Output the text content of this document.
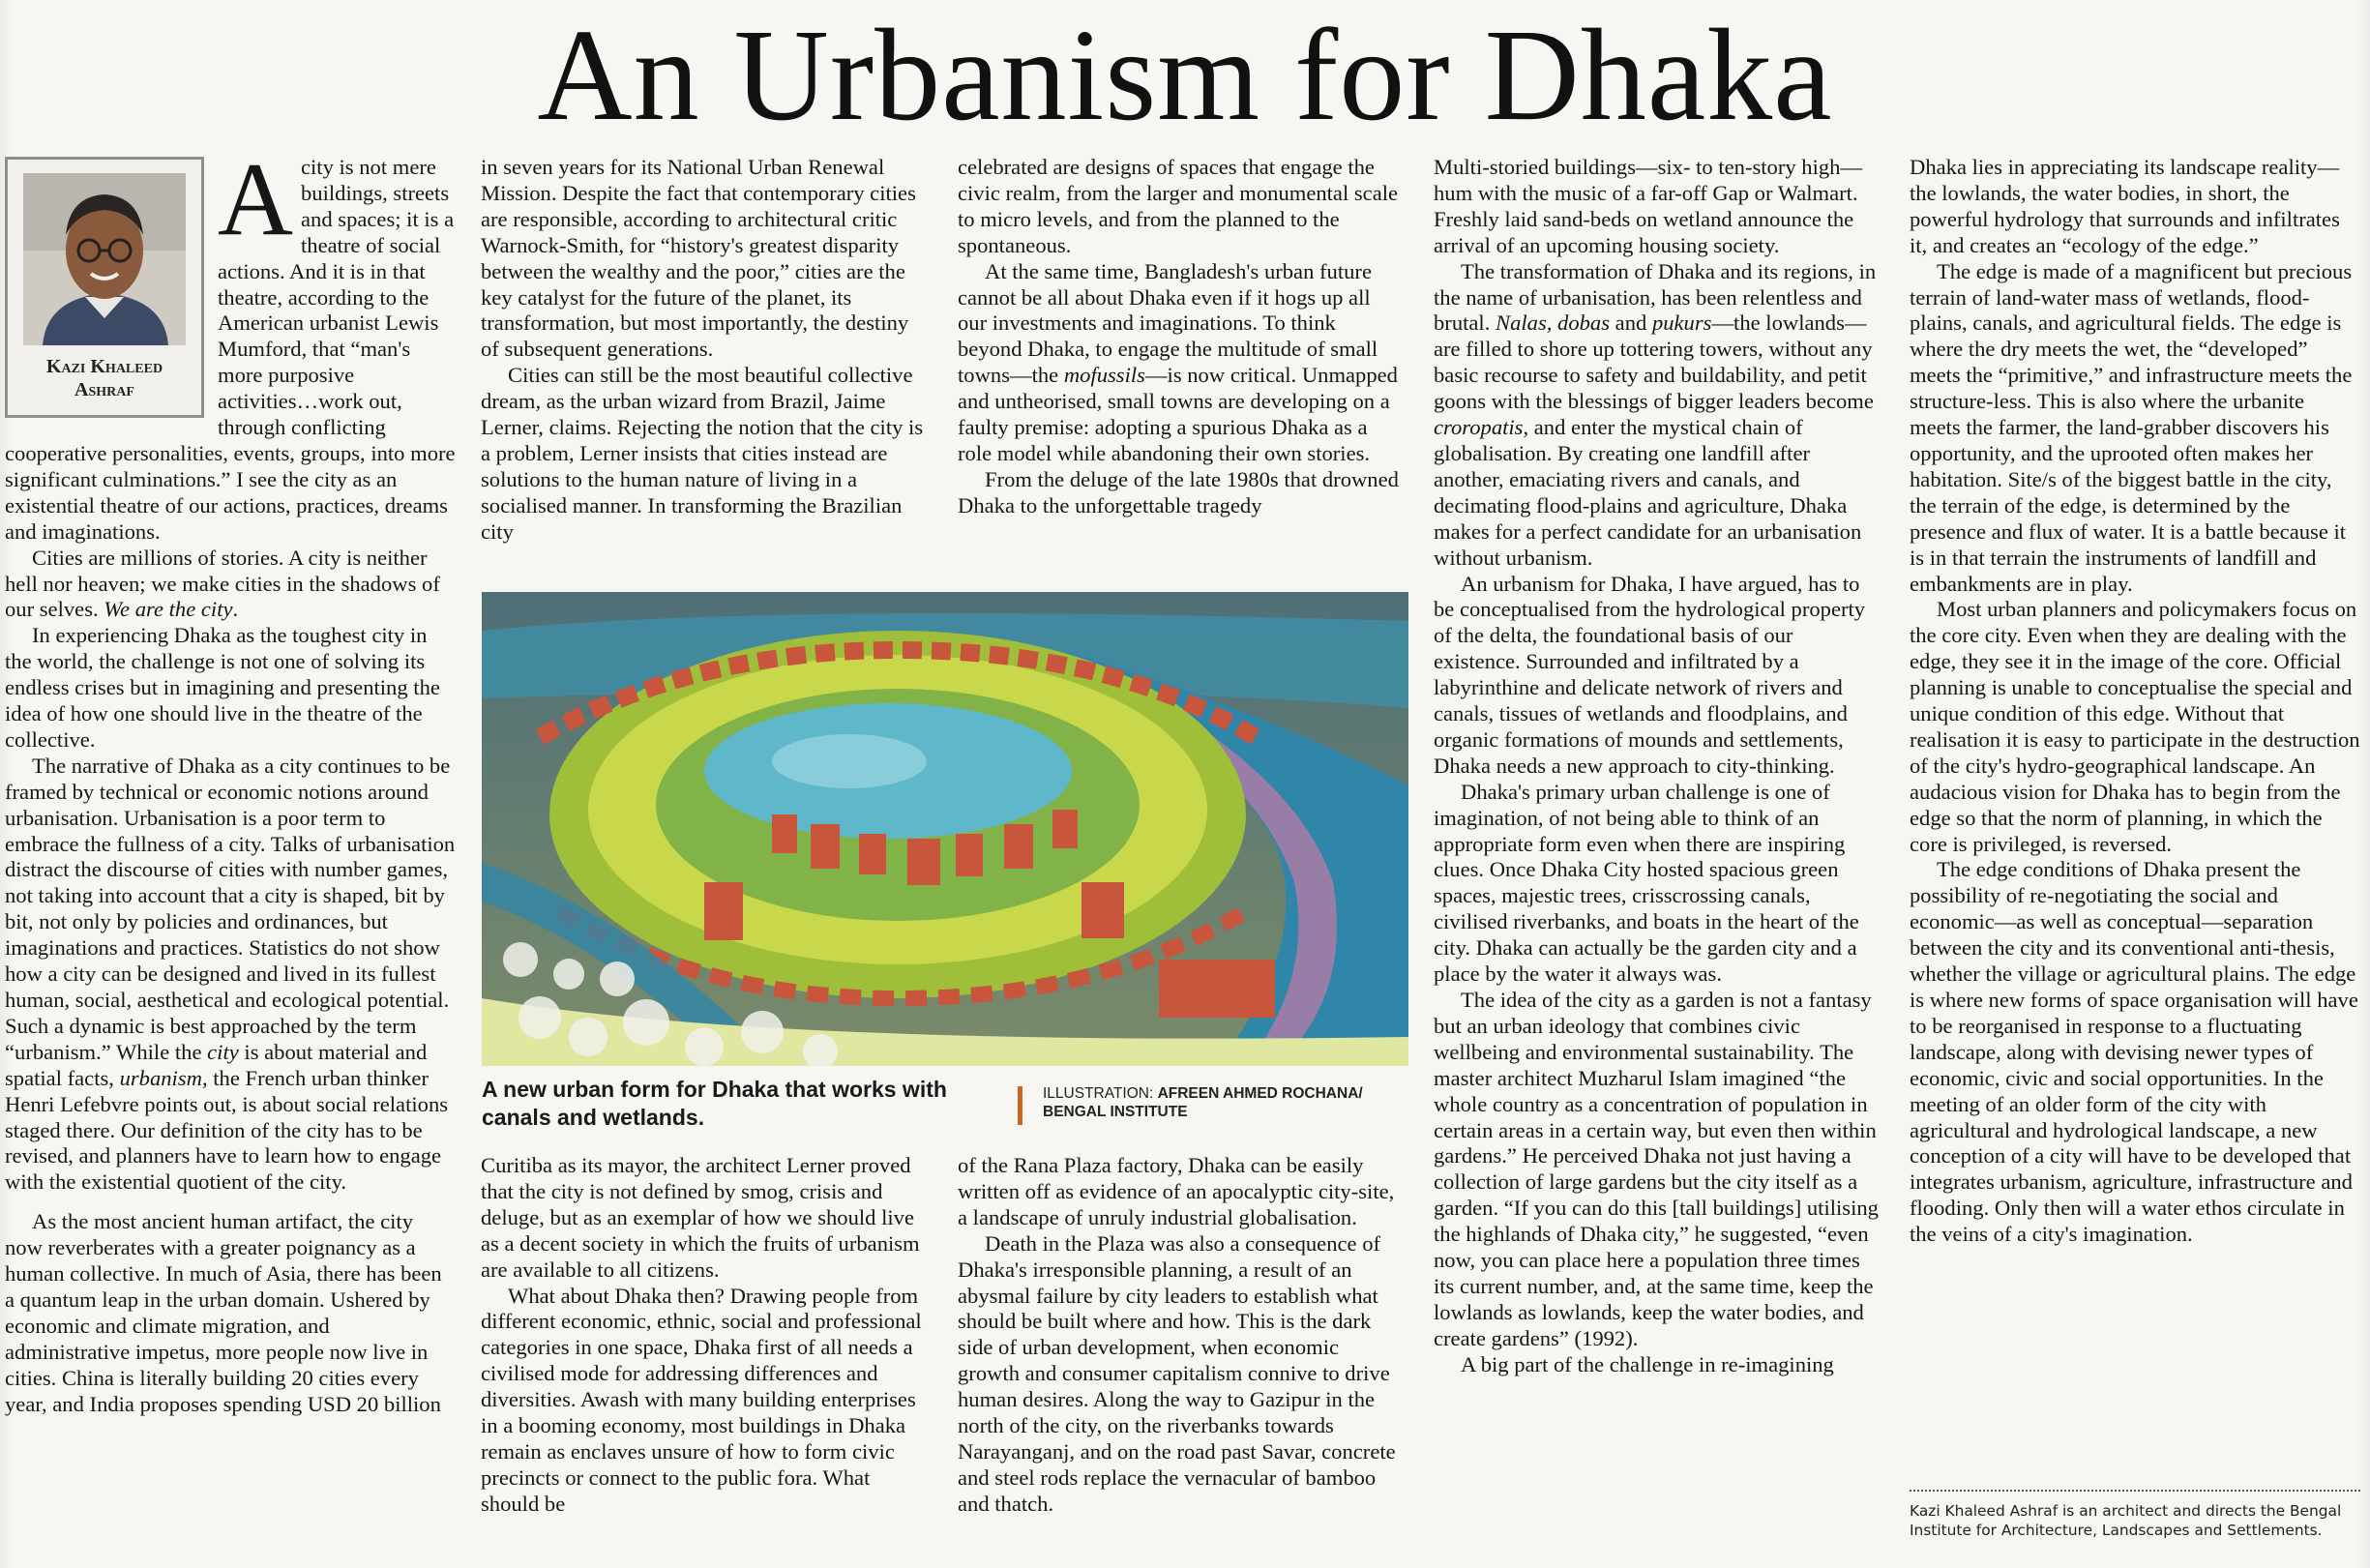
An Urbanism for Dhaka
Kazi Khaleed
Ashraf

A city is not mere buildings, streets and spaces; it is a theatre of social actions. And it is in that theatre, according to the American urbanist Lewis Mumford, that “man's more purposive activities…work out, through conflicting cooperative personalities, events, groups, into more significant culminations.” I see the city as an existential theatre of our actions, practices, dreams and imaginations.

Cities are millions of stories. A city is neither hell nor heaven; we make cities in the shadows of our selves. We are the city.

In experiencing Dhaka as the toughest city in the world, the challenge is not one of solving its endless crises but in imagining and presenting the idea of how one should live in the theatre of the collective.

The narrative of Dhaka as a city continues to be framed by technical or economic notions around urbanisation. Urbanisation is a poor term to embrace the fullness of a city. Talks of urbanisation distract the discourse of cities with number games, not taking into account that a city is shaped, bit by bit, not only by policies and ordinances, but imaginations and practices. Statistics do not show how a city can be designed and lived in its fullest human, social, aesthetical and ecological potential. Such a dynamic is best approached by the term “urbanism.” While the city is about material and spatial facts, urbanism, the French urban thinker Henri Lefebvre points out, is about social relations staged there. Our definition of the city has to be revised, and planners have to learn how to engage with the existential quotient of the city.

As the most ancient human artifact, the city now reverberates with a greater poignancy as a human collective. In much of Asia, there has been a quantum leap in the urban domain. Ushered by economic and climate migration, and administrative impetus, more people now live in cities. China is literally building 20 cities every year, and India proposes spending USD 20 billion

in seven years for its National Urban Renewal Mission. Despite the fact that contemporary cities are responsible, according to architectural critic Warnock-Smith, for “history's greatest disparity between the wealthy and the poor,” cities are the key catalyst for the future of the planet, its transformation, but most importantly, the destiny of subsequent generations.

Cities can still be the most beautiful collective dream, as the urban wizard from Brazil, Jaime Lerner, claims. Rejecting the notion that the city is a problem, Lerner insists that cities instead are solutions to the human nature of living in a socialised manner. In transforming the Brazilian city

celebrated are designs of spaces that engage the civic realm, from the larger and monumental scale to micro levels, and from the planned to the spontaneous.

At the same time, Bangladesh's urban future cannot be all about Dhaka even if it hogs up all our investments and imaginations. To think beyond Dhaka, to engage the multitude of small towns—the mofussils—is now critical. Unmapped and untheorised, small towns are developing on a faulty premise: adopting a spurious Dhaka as a role model while abandoning their own stories.

From the deluge of the late 1980s that drowned Dhaka to the unforgettable tragedy

A new urban form for Dhaka that works with canals and wetlands.
ILLUSTRATION: AFREEN AHMED ROCHANA/ BENGAL INSTITUTE

Curitiba as its mayor, the architect Lerner proved that the city is not defined by smog, crisis and deluge, but as an exemplar of how we should live as a decent society in which the fruits of urbanism are available to all citizens.

What about Dhaka then? Drawing people from different economic, ethnic, social and professional categories in one space, Dhaka first of all needs a civilised mode for addressing differences and diversities. Awash with many building enterprises in a booming economy, most buildings in Dhaka remain as enclaves unsure of how to form civic precincts or connect to the public fora. What should be

of the Rana Plaza factory, Dhaka can be easily written off as evidence of an apocalyptic city-site, a landscape of unruly industrial globalisation.

Death in the Plaza was also a consequence of Dhaka's irresponsible planning, a result of an abysmal failure by city leaders to establish what should be built where and how. This is the dark side of urban development, when economic growth and consumer capitalism connive to drive human desires. Along the way to Gazipur in the north of the city, on the riverbanks towards Narayanganj, and on the road past Savar, concrete and steel rods replace the vernacular of bamboo and thatch.

Multi-storied buildings—six- to ten-story high—hum with the music of a far-off Gap or Walmart. Freshly laid sand-beds on wetland announce the arrival of an upcoming housing society.

The transformation of Dhaka and its regions, in the name of urbanisation, has been relentless and brutal. Nalas, dobas and pukurs—the lowlands—are filled to shore up tottering towers, without any basic recourse to safety and buildability, and petit goons with the blessings of bigger leaders become croropatis, and enter the mystical chain of globalisation. By creating one landfill after another, emaciating rivers and canals, and decimating flood-plains and agriculture, Dhaka makes for a perfect candidate for an urbanisation without urbanism.

An urbanism for Dhaka, I have argued, has to be conceptualised from the hydrological property of the delta, the foundational basis of our existence. Surrounded and infiltrated by a labyrinthine and delicate network of rivers and canals, tissues of wetlands and floodplains, and organic formations of mounds and settlements, Dhaka needs a new approach to city-thinking.

Dhaka's primary urban challenge is one of imagination, of not being able to think of an appropriate form even when there are inspiring clues. Once Dhaka City hosted spacious green spaces, majestic trees, crisscrossing canals, civilised riverbanks, and boats in the heart of the city. Dhaka can actually be the garden city and a place by the water it always was.

The idea of the city as a garden is not a fantasy but an urban ideology that combines civic wellbeing and environmental sustainability. The master architect Muzharul Islam imagined “the whole country as a concentration of population in certain areas in a certain way, but even then within gardens.” He perceived Dhaka not just having a collection of large gardens but the city itself as a garden. “If you can do this [tall buildings] utilising the highlands of Dhaka city,” he suggested, “even now, you can place here a population three times its current number, and, at the same time, keep the lowlands as lowlands, keep the water bodies, and create gardens” (1992).

A big part of the challenge in re-imagining

Dhaka lies in appreciating its landscape reality—the lowlands, the water bodies, in short, the powerful hydrology that surrounds and infiltrates it, and creates an “ecology of the edge.”

The edge is made of a magnificent but precious terrain of land-water mass of wetlands, flood-plains, canals, and agricultural fields. The edge is where the dry meets the wet, the “developed” meets the “primitive,” and infrastructure meets the structure-less. This is also where the urbanite meets the farmer, the land-grabber discovers his opportunity, and the uprooted often makes her habitation. Site/s of the biggest battle in the city, the terrain of the edge, is determined by the presence and flux of water. It is a battle because it is in that terrain the instruments of landfill and embankments are in play.

Most urban planners and policymakers focus on the core city. Even when they are dealing with the edge, they see it in the image of the core. Official planning is unable to conceptualise the special and unique condition of this edge. Without that realisation it is easy to participate in the destruction of the city's hydro-geographical landscape. An audacious vision for Dhaka has to begin from the edge so that the norm of planning, in which the core is privileged, is reversed.

The edge conditions of Dhaka present the possibility of re-negotiating the social and economic—as well as conceptual—separation between the city and its conventional anti-thesis, whether the village or agricultural plains. The edge is where new forms of space organisation will have to be reorganised in response to a fluctuating landscape, along with devising newer types of economic, civic and social opportunities. In the meeting of an older form of the city with agricultural and hydrological landscape, a new conception of a city will have to be developed that integrates urbanism, agriculture, infrastructure and flooding. Only then will a water ethos circulate in the veins of a city's imagination.

Kazi Khaleed Ashraf is an architect and directs the Bengal Institute for Architecture, Landscapes and Settlements.
